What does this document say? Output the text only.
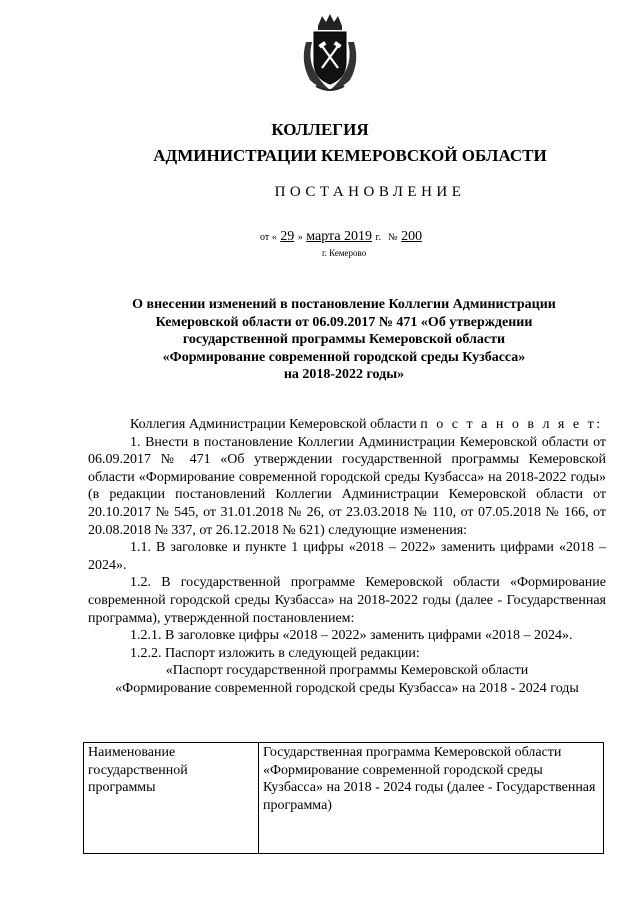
КОЛЛЕГИЯ
АДМИНИСТРАЦИИ КЕМЕРОВСКОЙ ОБЛАСТИ
ПОСТАНОВЛЕНИЕ
от « 29 » марта 2019 г. № 200
г. Кемерово
О внесении изменений в постановление Коллегии Администрации
Кемеровской области от 06.09.2017 № 471 «Об утверждении
государственной программы Кемеровской области
«Формирование современной городской среды Кузбасса»
на 2018-2022 годы»

Коллегия Администрации Кемеровской области п о с т а н о в л я е т:

1. Внести в постановление Коллегии Администрации Кемеровской области от 06.09.2017 № 471 «Об утверждении государственной программы Кемеровской области «Формирование современной городской среды Кузбасса» на 2018-2022 годы» (в редакции постановлений Коллегии Администрации Кемеровской области от 20.10.2017 № 545, от 31.01.2018 № 26, от 23.03.2018 № 110, от 07.05.2018 № 166, от 20.08.2018 № 337, от 26.12.2018 № 621) следующие изменения:

1.1. В заголовке и пункте 1 цифры «2018 – 2022» заменить цифрами «2018 – 2024».

1.2. В государственной программе Кемеровской области «Формирование современной городской среды Кузбасса» на 2018-2022 годы (далее - Государственная программа), утвержденной постановлением:

1.2.1. В заголовке цифры «2018 – 2022» заменить цифрами «2018 – 2024».

1.2.2. Паспорт изложить в следующей редакции:

«Паспорт государственной программы Кемеровской области

«Формирование современной городской среды Кузбасса» на 2018 - 2024 годы

Наименование государственной программы	Государственная программа Кемеровской области «Формирование современной городской среды Кузбасса» на 2018 - 2024 годы (далее - Государственная программа)
